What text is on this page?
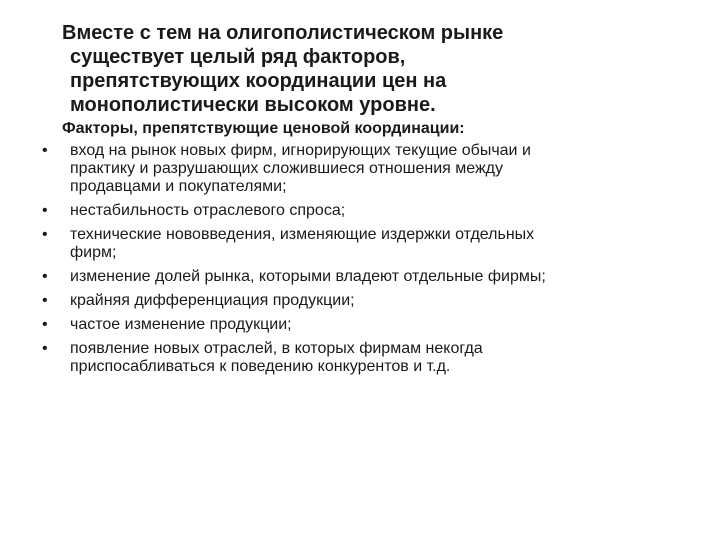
Вместе с тем на олигополистическом рынке
существует целый ряд факторов,
препятствующих координации цен на
монополистически высоком уровне.
Факторы, препятствующие ценовой координации:
•	вход на рынок новых фирм, игнорирующих текущие обычаи и
практику и разрушающих сложившиеся отношения между
продавцами и покупателями;
•	нестабильность отраслевого спроса;
•	технические нововведения, изменяющие издержки отдельных
фирм;
•	изменение долей рынка, которыми владеют отдельные фирмы;
•	крайняя дифференциация продукции;
•	частое изменение продукции;
•	появление новых отраслей, в которых фирмам некогда
приспосабливаться к поведению конкурентов и т.д.
